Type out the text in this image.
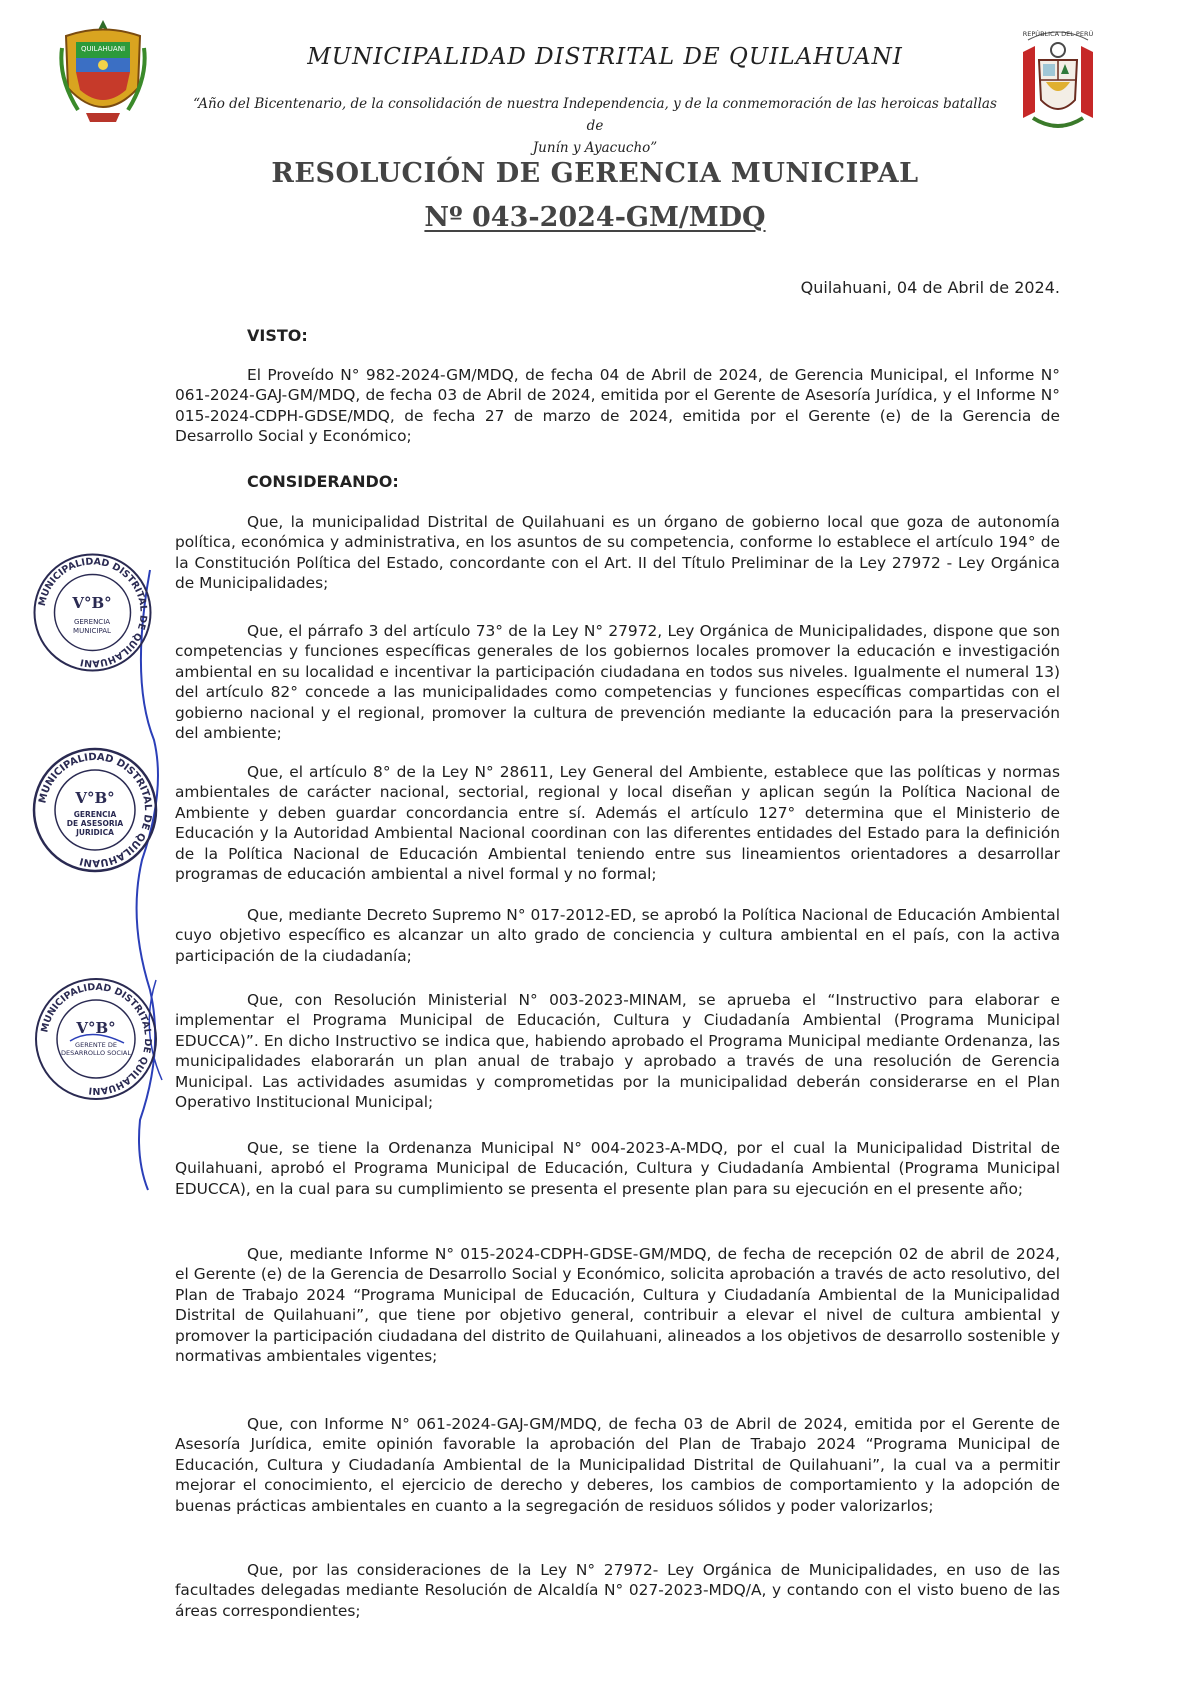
QUILAHUANI
REPÚBLICA DEL PERÚ
MUNICIPALIDAD DISTRITAL DE QUILAHUANI
“Año del Bicentenario, de la consolidación de nuestra Independencia, y de la conmemoración de las heroicas batallas de
Junín y Ayacucho”
RESOLUCIÓN DE GERENCIA MUNICIPAL
Nº 043-2024-GM/MDQ
Quilahuani, 04 de Abril de 2024.
VISTO:
El Proveído N° 982-2024-GM/MDQ, de fecha 04 de Abril de 2024, de Gerencia Municipal, el Informe N° 061-2024-GAJ-GM/MDQ, de fecha 03 de Abril de 2024, emitida por el Gerente de Asesoría Jurídica, y el Informe N° 015-2024-CDPH-GDSE/MDQ, de fecha 27 de marzo de 2024, emitida por el Gerente (e) de la Gerencia de Desarrollo Social y Económico;
CONSIDERANDO:
Que, la municipalidad Distrital de Quilahuani es un órgano de gobierno local que goza de autonomía política, económica y administrativa, en los asuntos de su competencia, conforme lo establece el artículo 194° de la Constitución Política del Estado, concordante con el Art. II del Título Preliminar de la Ley 27972 - Ley Orgánica de Municipalidades;
Que, el párrafo 3 del artículo 73° de la Ley N° 27972, Ley Orgánica de Municipalidades, dispone que son competencias y funciones específicas generales de los gobiernos locales promover la educación e investigación ambiental en su localidad e incentivar la participación ciudadana en todos sus niveles. Igualmente el numeral 13) del artículo 82° concede a las municipalidades como competencias y funciones específicas compartidas con el gobierno nacional y el regional, promover la cultura de prevención mediante la educación para la preservación del ambiente;
Que, el artículo 8° de la Ley N° 28611, Ley General del Ambiente, establece que las políticas y normas ambientales de carácter nacional, sectorial, regional y local diseñan y aplican según la Política Nacional de Ambiente y deben guardar concordancia entre sí. Además el artículo 127° determina que el Ministerio de Educación y la Autoridad Ambiental Nacional coordinan con las diferentes entidades del Estado para la definición de la Política Nacional de Educación Ambiental teniendo entre sus lineamientos orientadores a desarrollar programas de educación ambiental a nivel formal y no formal;
Que, mediante Decreto Supremo N° 017-2012-ED, se aprobó la Política Nacional de Educación Ambiental cuyo objetivo específico es alcanzar un alto grado de conciencia y cultura ambiental en el país, con la activa participación de la ciudadanía;
Que, con Resolución Ministerial N° 003-2023-MINAM, se aprueba el “Instructivo para elaborar e implementar el Programa Municipal de Educación, Cultura y Ciudadanía Ambiental (Programa Municipal EDUCCA)”. En dicho Instructivo se indica que, habiendo aprobado el Programa Municipal mediante Ordenanza, las municipalidades elaborarán un plan anual de trabajo y aprobado a través de una resolución de Gerencia Municipal. Las actividades asumidas y comprometidas por la municipalidad deberán considerarse en el Plan Operativo Institucional Municipal;
Que, se tiene la Ordenanza Municipal N° 004-2023-A-MDQ, por el cual la Municipalidad Distrital de Quilahuani, aprobó el Programa Municipal de Educación, Cultura y Ciudadanía Ambiental (Programa Municipal EDUCCA), en la cual para su cumplimiento se presenta el presente plan para su ejecución en el presente año;
Que, mediante Informe N° 015-2024-CDPH-GDSE-GM/MDQ, de fecha de recepción 02 de abril de 2024, el Gerente (e) de la Gerencia de Desarrollo Social y Económico, solicita aprobación a través de acto resolutivo, del Plan de Trabajo 2024 “Programa Municipal de Educación, Cultura y Ciudadanía Ambiental de la Municipalidad Distrital de Quilahuani”, que tiene por objetivo general, contribuir a elevar el nivel de cultura ambiental y promover la participación ciudadana del distrito de Quilahuani, alineados a los objetivos de desarrollo sostenible y normativas ambientales vigentes;
Que, con Informe N° 061-2024-GAJ-GM/MDQ, de fecha 03 de Abril de 2024, emitida por el Gerente de Asesoría Jurídica, emite opinión favorable la aprobación del Plan de Trabajo 2024 “Programa Municipal de Educación, Cultura y Ciudadanía Ambiental de la Municipalidad Distrital de Quilahuani”, la cual va a permitir mejorar el conocimiento, el ejercicio de derecho y deberes, los cambios de comportamiento y la adopción de buenas prácticas ambientales en cuanto a la segregación de residuos sólidos y poder valorizarlos;
Que, por las consideraciones de la Ley N° 27972- Ley Orgánica de Municipalidades, en uso de las facultades delegadas mediante Resolución de Alcaldía N° 027-2023-MDQ/A, y contando con el visto bueno de las áreas correspondientes;
MUNICIPALIDAD DISTRITAL DE QUILAHUANI
V°B°
GERENCIA
MUNICIPAL
MUNICIPALIDAD DISTRITAL DE QUILAHUANI
V°B°
GERENCIA
DE ASESORIA
JURIDICA
MUNICIPALIDAD DISTRITAL DE QUILAHUANI
V°B°
GERENTE DE
DESARROLLO SOCIAL
